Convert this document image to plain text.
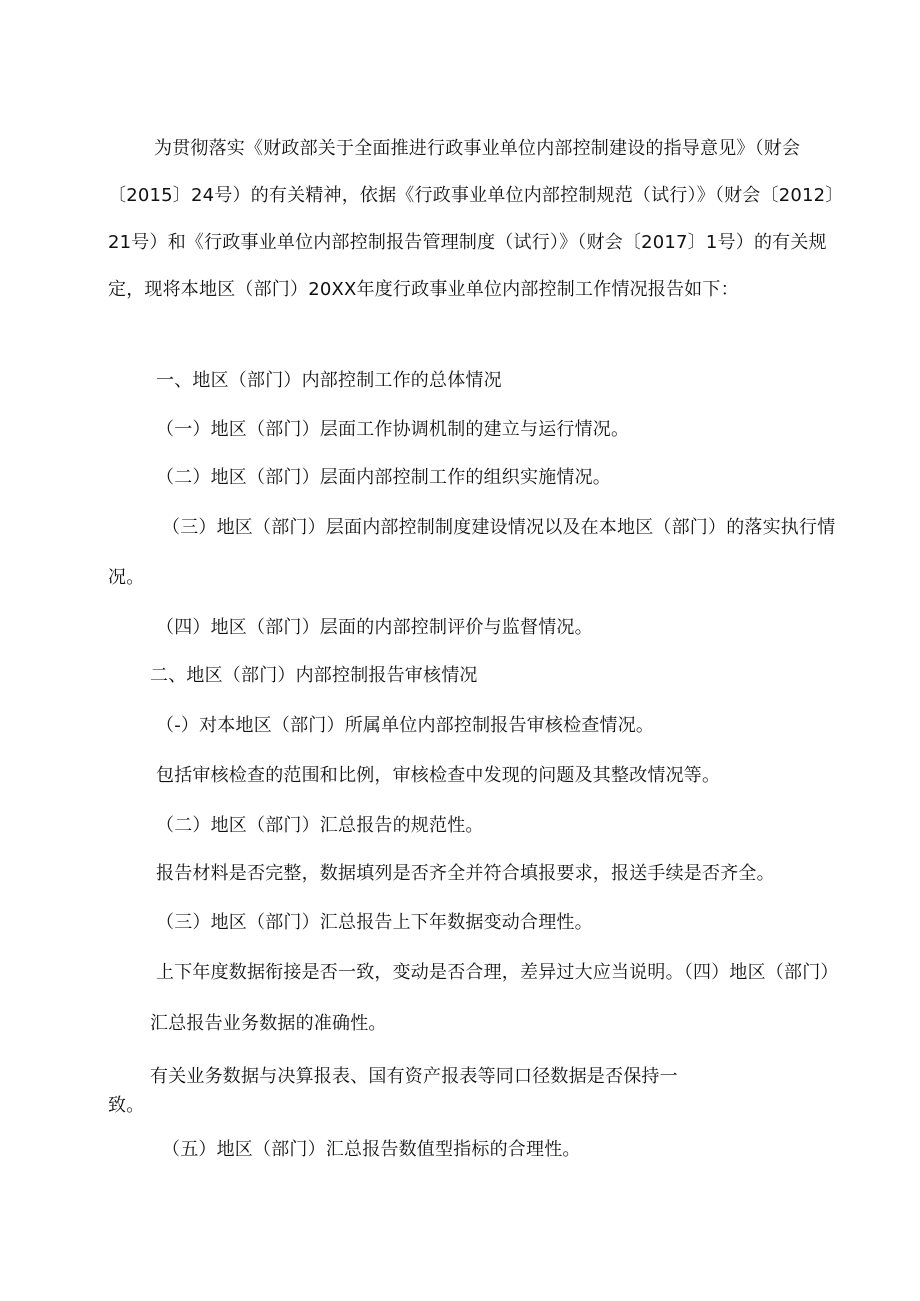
为贯彻落实《财政部关于全面推进行政事业单位内部控制建设的指导意见》（财会〔2015〕24号）的有关精神，依据《行政事业单位内部控制规范（试行）》（财会〔2012〕21号）和《行政事业单位内部控制报告管理制度（试行）》（财会〔2017〕1号）的有关规定，现将本地区（部门）20XX年度行政事业单位内部控制工作情况报告如下：

一、地区（部门）内部控制工作的总体情况

（一）地区（部门）层面工作协调机制的建立与运行情况。

（二）地区（部门）层面内部控制工作的组织实施情况。

（三）地区（部门）层面内部控制制度建设情况以及在本地区（部门）的落实执行情

况。

（四）地区（部门）层面的内部控制评价与监督情况。

二、地区（部门）内部控制报告审核情况

（-）对本地区（部门）所属单位内部控制报告审核检查情况。

包括审核检查的范围和比例，审核检查中发现的问题及其整改情况等。

（二）地区（部门）汇总报告的规范性。

报告材料是否完整，数据填列是否齐全并符合填报要求，报送手续是否齐全。

（三）地区（部门）汇总报告上下年数据变动合理性。

上下年度数据衔接是否一致，变动是否合理，差异过大应当说明。（四）地区（部门）

汇总报告业务数据的准确性。

有关业务数据与决算报表、国有资产报表等同口径数据是否保持一

致。

（五）地区（部门）汇总报告数值型指标的合理性。
